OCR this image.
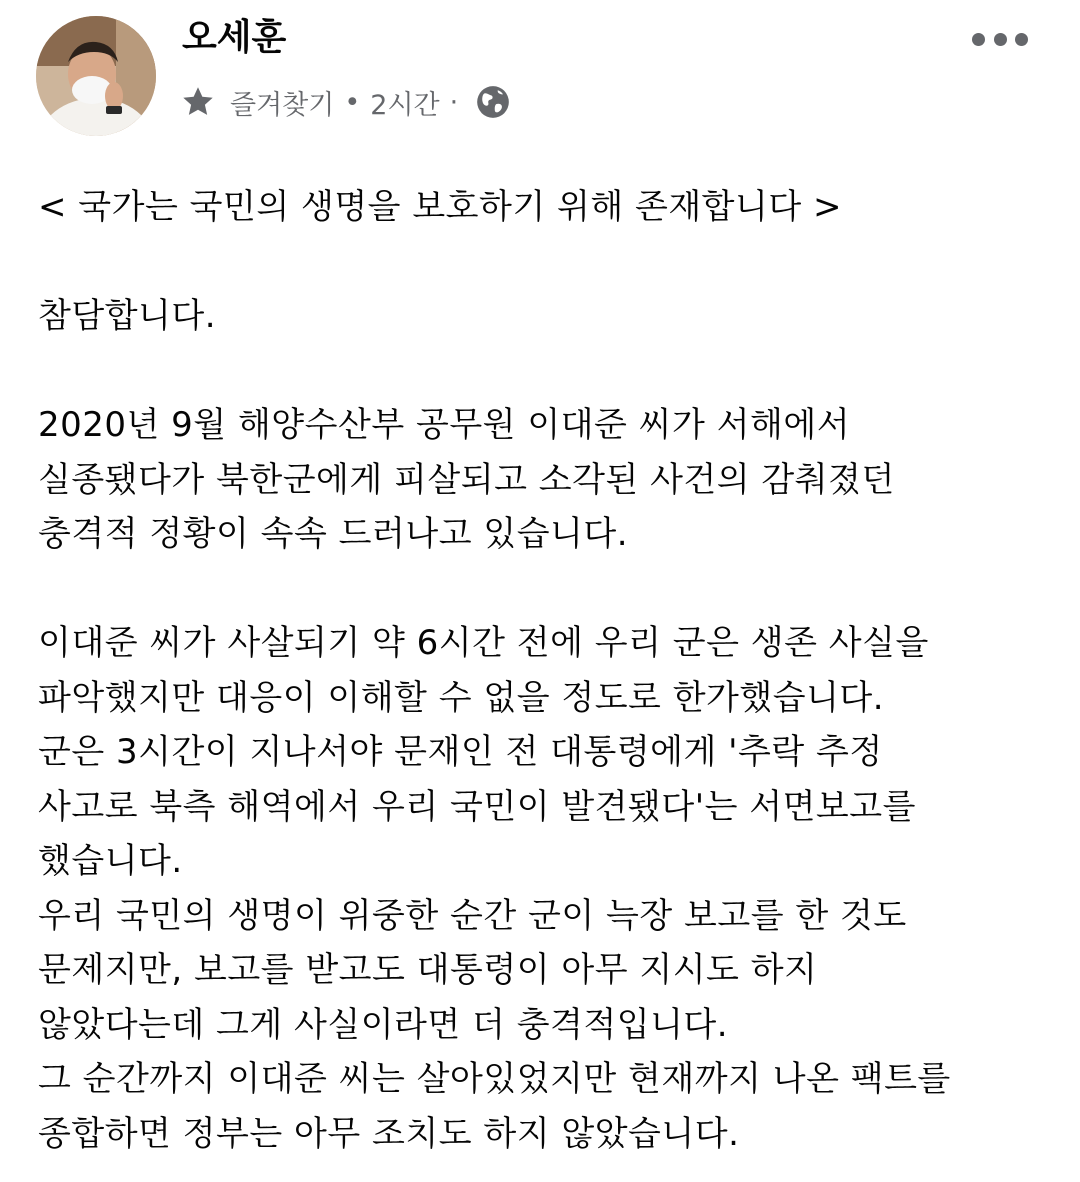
오세훈
즐겨찾기 • 2시간 ·
< 국가는 국민의 생명을 보호하기 위해 존재합니다 >
참담합니다.
2020년 9월 해양수산부 공무원 이대준 씨가 서해에서
실종됐다가 북한군에게 피살되고 소각된 사건의 감춰졌던
충격적 정황이 속속 드러나고 있습니다.
이대준 씨가 사살되기 약 6시간 전에 우리 군은 생존 사실을
파악했지만 대응이 이해할 수 없을 정도로 한가했습니다.
군은 3시간이 지나서야 문재인 전 대통령에게 '추락 추정
사고로 북측 해역에서 우리 국민이 발견됐다'는 서면보고를
했습니다.
우리 국민의 생명이 위중한 순간 군이 늑장 보고를 한 것도
문제지만, 보고를 받고도 대통령이 아무 지시도 하지
않았다는데 그게 사실이라면 더 충격적입니다.
그 순간까지 이대준 씨는 살아있었지만 현재까지 나온 팩트를
종합하면 정부는 아무 조치도 하지 않았습니다.
